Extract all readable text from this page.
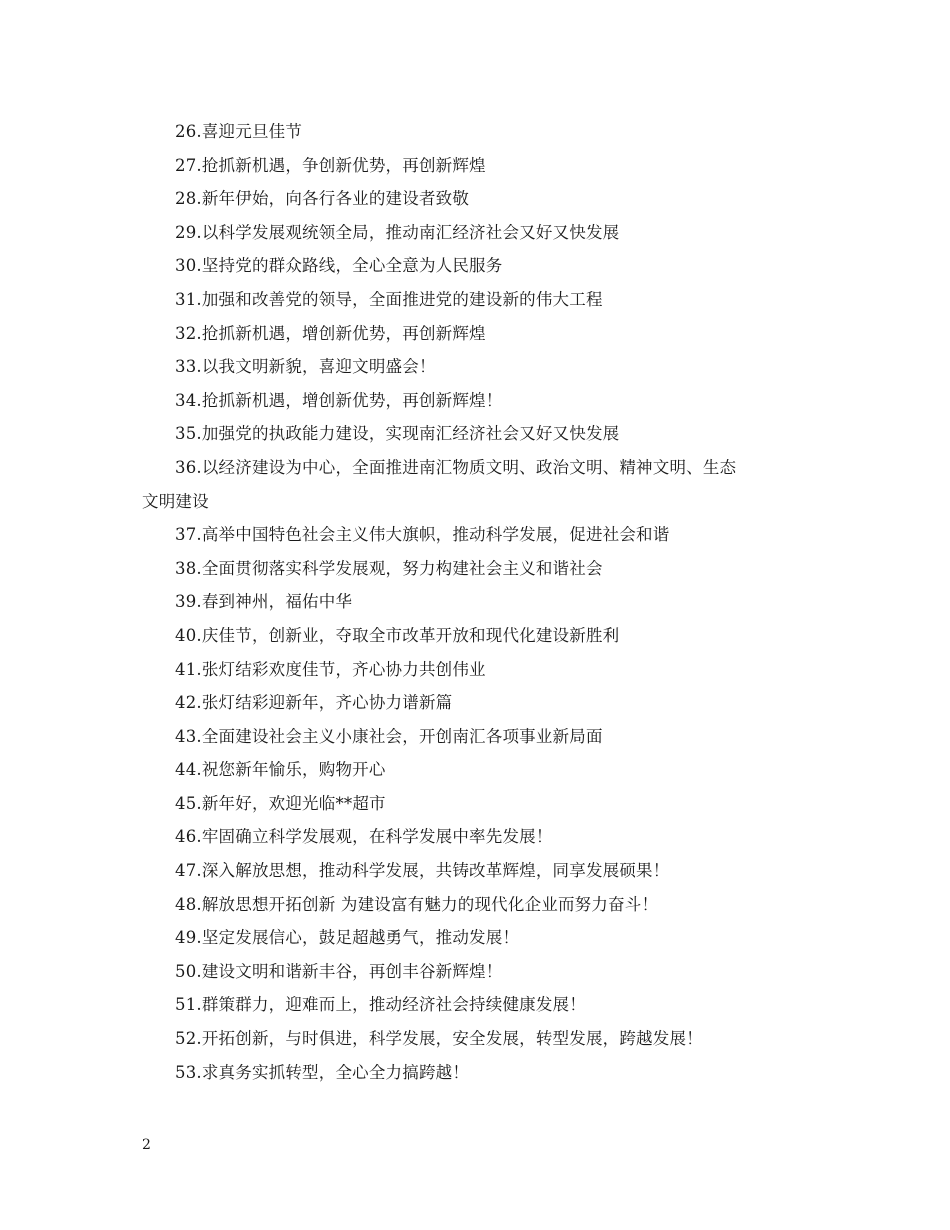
26.喜迎元旦佳节
27.抢抓新机遇，争创新优势，再创新辉煌
28.新年伊始，向各行各业的建设者致敬
29.以科学发展观统领全局，推动南汇经济社会又好又快发展
30.坚持党的群众路线，全心全意为人民服务
31.加强和改善党的领导，全面推进党的建设新的伟大工程
32.抢抓新机遇，增创新优势，再创新辉煌
33.以我文明新貌，喜迎文明盛会！
34.抢抓新机遇，增创新优势，再创新辉煌！
35.加强党的执政能力建设，实现南汇经济社会又好又快发展
36.以经济建设为中心，全面推进南汇物质文明、政治文明、精神文明、生态
文明建设
37.高举中国特色社会主义伟大旗帜，推动科学发展，促进社会和谐
38.全面贯彻落实科学发展观，努力构建社会主义和谐社会
39.春到神州，福佑中华
40.庆佳节，创新业，夺取全市改革开放和现代化建设新胜利
41.张灯结彩欢度佳节，齐心协力共创伟业
42.张灯结彩迎新年，齐心协力谱新篇
43.全面建设社会主义小康社会，开创南汇各项事业新局面
44.祝您新年愉乐，购物开心
45.新年好，欢迎光临**超市
46.牢固确立科学发展观，在科学发展中率先发展！
47.深入解放思想，推动科学发展，共铸改革辉煌，同享发展硕果！
48.解放思想开拓创新 为建设富有魅力的现代化企业而努力奋斗！
49.坚定发展信心，鼓足超越勇气，推动发展！
50.建设文明和谐新丰谷，再创丰谷新辉煌！
51.群策群力，迎难而上，推动经济社会持续健康发展！
52.开拓创新，与时俱进，科学发展，安全发展，转型发展，跨越发展！
53.求真务实抓转型，全心全力搞跨越！
2
